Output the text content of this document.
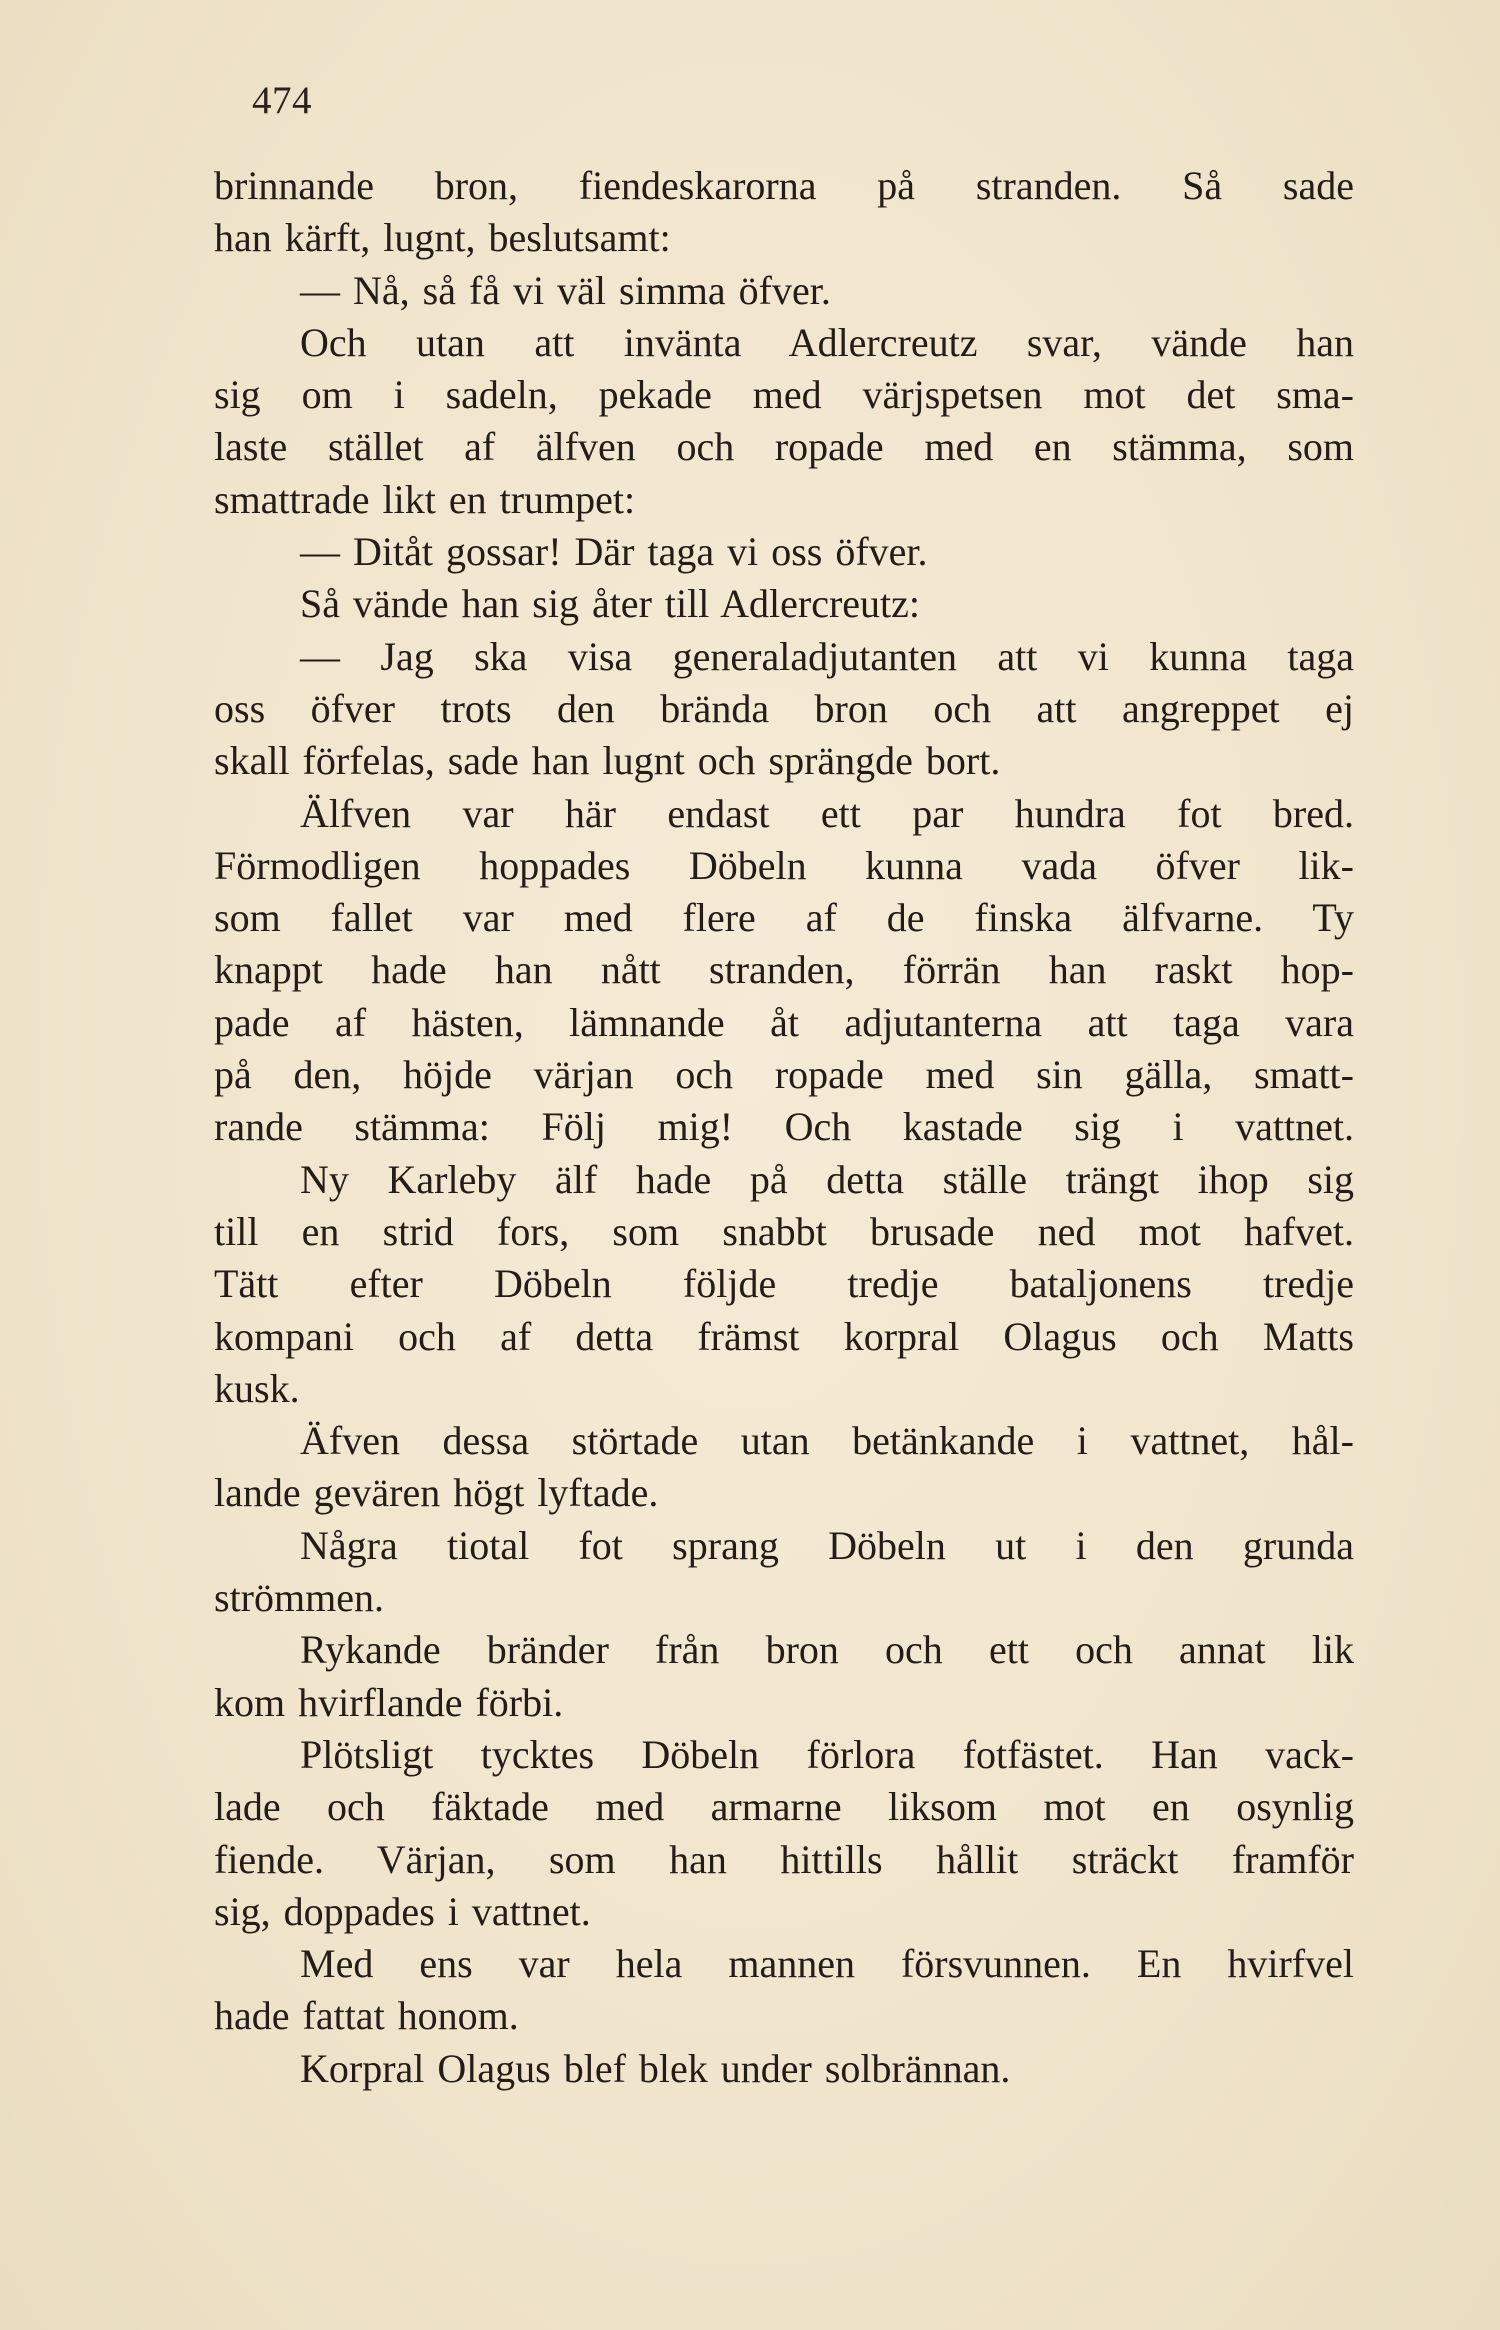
474
brinnande bron, fiendeskarorna på stranden. Så sade
han kärft, lugnt, beslutsamt:
— Nå, så få vi väl simma öfver.
Och utan att invänta Adlercreutz svar, vände han
sig om i sadeln, pekade med värjspetsen mot det sma-
laste stället af älfven och ropade med en stämma, som
smattrade likt en trumpet:
— Ditåt gossar! Där taga vi oss öfver.
Så vände han sig åter till Adlercreutz:
— Jag ska visa generaladjutanten att vi kunna taga
oss öfver trots den brända bron och att angreppet ej
skall förfelas, sade han lugnt och sprängde bort.
Älfven var här endast ett par hundra fot bred.
Förmodligen hoppades Döbeln kunna vada öfver lik-
som fallet var med flere af de finska älfvarne. Ty
knappt hade han nått stranden, förrän han raskt hop-
pade af hästen, lämnande åt adjutanterna att taga vara
på den, höjde värjan och ropade med sin gälla, smatt-
rande stämma: Följ mig! Och kastade sig i vattnet.
Ny Karleby älf hade på detta ställe trängt ihop sig
till en strid fors, som snabbt brusade ned mot hafvet.
Tätt efter Döbeln följde tredje bataljonens tredje
kompani och af detta främst korpral Olagus och Matts
kusk.
Äfven dessa störtade utan betänkande i vattnet, hål-
lande gevären högt lyftade.
Några tiotal fot sprang Döbeln ut i den grunda
strömmen.
Rykande bränder från bron och ett och annat lik
kom hvirflande förbi.
Plötsligt tycktes Döbeln förlora fotfästet. Han vack-
lade och fäktade med armarne liksom mot en osynlig
fiende. Värjan, som han hittills hållit sträckt framför
sig, doppades i vattnet.
Med ens var hela mannen försvunnen. En hvirfvel
hade fattat honom.
Korpral Olagus blef blek under solbrännan.
